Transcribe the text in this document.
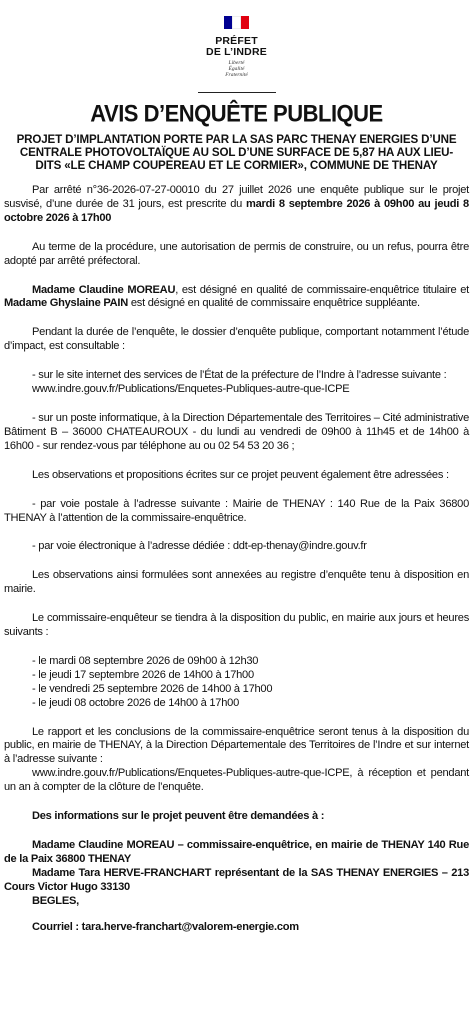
PRÉFET
DE L’INDRE
Liberté
Égalité
Fraternité
AVIS D’ENQUÊTE PUBLIQUE
PROJET D’IMPLANTATION PORTE PAR LA SAS PARC THENAY ENERGIES D’UNE CENTRALE PHOTOVOLTAÏQUE AU SOL D’UNE SURFACE DE 5,87 HA AUX LIEU-DITS «LE CHAMP COUPEREAU ET LE CORMIER», COMMUNE DE THENAY

Par arrêté n°36-2026-07-27-00010 du 27 juillet 2026 une enquête publique sur le projet susvisé, d’une durée de 31 jours, est prescrite du mardi 8 septembre 2026 à 09h00 au jeudi 8 octobre 2026 à 17h00

Au terme de la procédure, une autorisation de permis de construire, ou un refus, pourra être adopté par arrêté préfectoral.

Madame Claudine MOREAU, est désigné en qualité de commissaire-enquêtrice titulaire et Madame Ghyslaine PAIN est désigné en qualité de commissaire enquêtrice suppléante.

Pendant la durée de l’enquête, le dossier d’enquête publique, comportant notamment l’étude d’impact, est consultable :

- sur le site internet des services de l’État de la préfecture de l’Indre à l’adresse suivante :

www.indre.gouv.fr/Publications/Enquetes-Publiques-autre-que-ICPE

- sur un poste informatique, à la Direction Départementale des Territoires – Cité administrative Bâtiment B – 36000 CHATEAUROUX - du lundi au vendredi de 09h00 à 11h45 et de 14h00 à 16h00 - sur rendez-vous par téléphone au ou 02 54 53 20 36 ;

Les observations et propositions écrites sur ce projet peuvent également être adressées :

- par voie postale à l’adresse suivante : Mairie de THENAY : 140 Rue de la Paix 36800 THENAY à l’attention de la commissaire-enquêtrice.

- par voie électronique à l’adresse dédiée : ddt-ep-thenay@indre.gouv.fr

Les observations ainsi formulées sont annexées au registre d’enquête tenu à disposition en mairie.

Le commissaire-enquêteur se tiendra à la disposition du public, en mairie aux jours et heures suivants :

- le mardi 08 septembre 2026 de 09h00 à 12h30
- le jeudi 17 septembre 2026 de 14h00 à 17h00
- le vendredi 25 septembre 2026 de 14h00 à 17h00
- le jeudi 08 octobre 2026 de 14h00 à 17h00

Le rapport et les conclusions de la commissaire-enquêtrice seront tenus à la disposition du public, en mairie de THENAY, à la Direction Départementale des Territoires de l’Indre et sur internet à l’adresse suivante :

www.indre.gouv.fr/Publications/Enquetes-Publiques-autre-que-ICPE, à réception et pendant un an à compter de la clôture de l’enquête.

Des informations sur le projet peuvent être demandées à :

Madame Claudine MOREAU – commissaire-enquêtrice, en mairie de THENAY 140 Rue de la Paix 36800 THENAY

Madame Tara HERVE-FRANCHART représentant de la SAS THENAY ENERGIES – 213 Cours Victor Hugo 33130

BEGLES,

Courriel : tara.herve-franchart@valorem-energie.com
